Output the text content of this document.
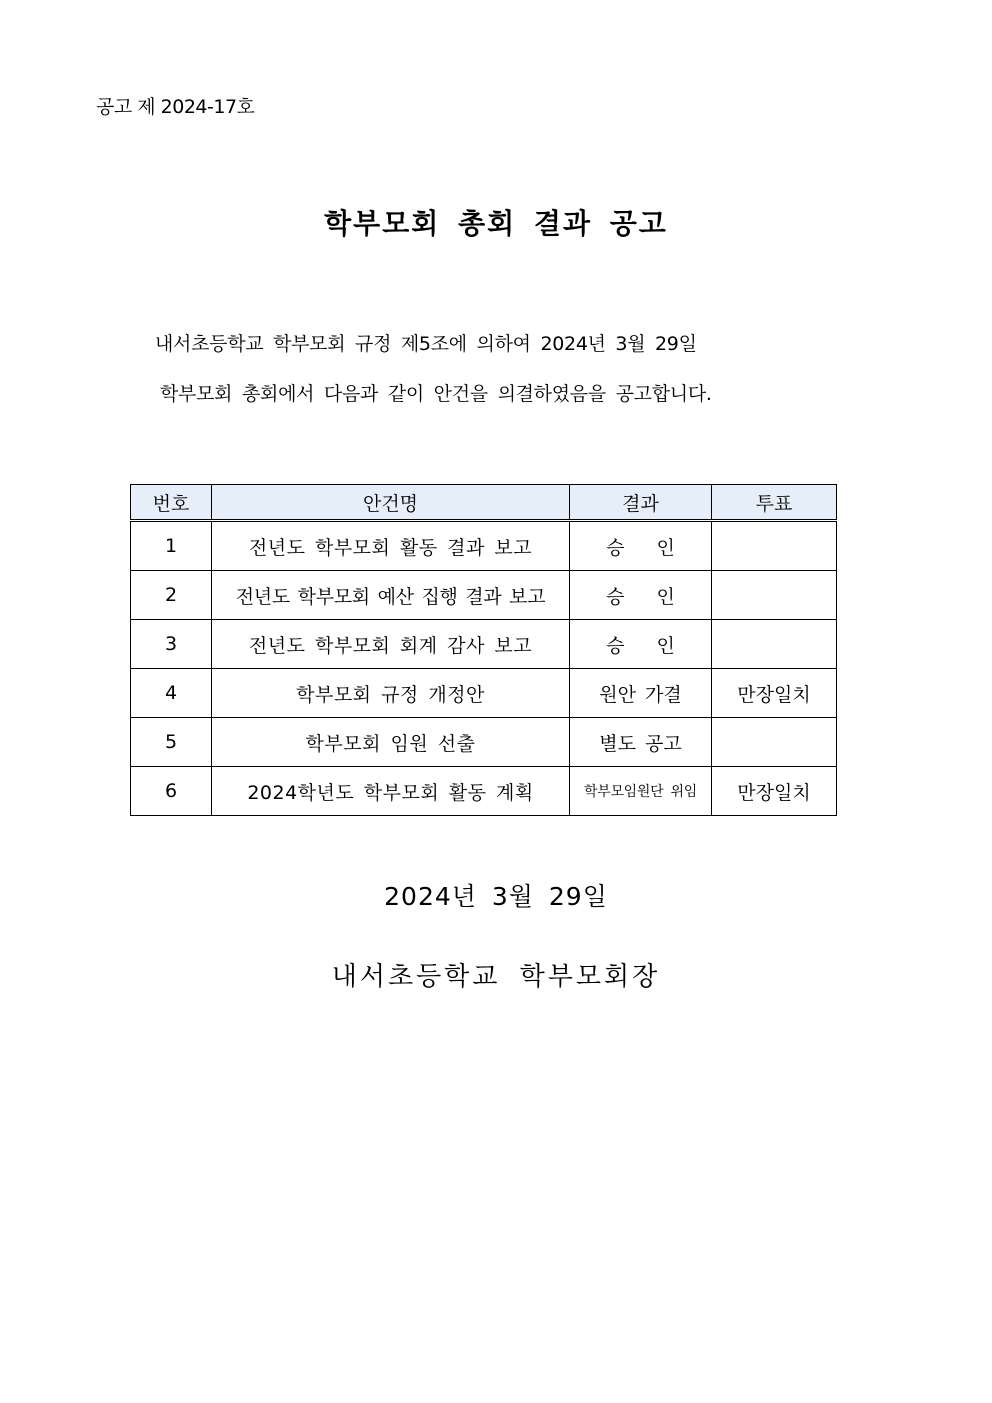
공고 제 2024-17호
학부모회 총회 결과 공고
내서초등학교 학부모회 규정 제5조에 의하여 2024년 3월 29일
학부모회 총회에서 다음과 같이 안건을 의결하였음을 공고합니다.
번호	안건명	결과	투표
1	전년도 학부모회 활동 결과 보고	승 인	
2	전년도 학부모회 예산 집행 결과 보고	승 인	
3	전년도 학부모회 회계 감사 보고	승 인	
4	학부모회 규정 개정안	원안 가결	만장일치
5	학부모회 임원 선출	별도 공고	
6	2024학년도 학부모회 활동 계획	학부모임원단 위임	만장일치
2024년 3월 29일
내서초등학교 학부모회장
